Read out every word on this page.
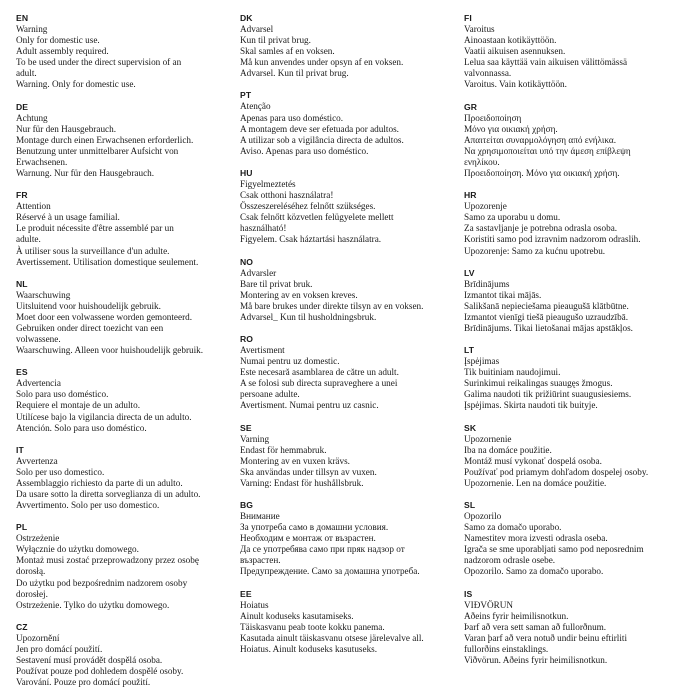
EN
Warning
Only for domestic use.
Adult assembly required.
To be used under the direct supervision of an
adult.
Warning. Only for domestic use.
DE
Achtung
Nur für den Hausgebrauch.
Montage durch einen Erwachsenen erforderlich.
Benutzung unter unmittelbarer Aufsicht von
Erwachsenen.
Warnung. Nur für den Hausgebrauch.
FR
Attention
Réservé à un usage familial.
Le produit nécessite d'être assemblé par un
adulte.
À utiliser sous la surveillance d'un adulte.
Avertissement. Utilisation domestique seulement.
NL
Waarschuwing
Uitsluitend voor huishoudelijk gebruik.
Moet door een volwassene worden gemonteerd.
Gebruiken onder direct toezicht van een
volwassene.
Waarschuwing. Alleen voor huishoudelijk gebruik.
ES
Advertencia
Solo para uso doméstico.
Requiere el montaje de un adulto.
Utilícese bajo la vigilancia directa de un adulto.
Atención. Solo para uso doméstico.
IT
Avvertenza
Solo per uso domestico.
Assemblaggio richiesto da parte di un adulto.
Da usare sotto la diretta sorveglianza di un adulto.
Avvertimento. Solo per uso domestico.
PL
Ostrzeżenie
Wyłącznie do użytku domowego.
Montaż musi zostać przeprowadzony przez osobę
dorosłą.
Do użytku pod bezpośrednim nadzorem osoby
dorosłej.
Ostrzeżenie. Tylko do użytku domowego.
CZ
Upozornění
Jen pro domácí použití.
Sestavení musí provádět dospělá osoba.
Používat pouze pod dohledem dospělé osoby.
Varování. Pouze pro domácí použití.
DK
Advarsel
Kun til privat brug.
Skal samles af en voksen.
Må kun anvendes under opsyn af en voksen.
Advarsel. Kun til privat brug.
PT
Atenção
Apenas para uso doméstico.
A montagem deve ser efetuada por adultos.
A utilizar sob a vigilância directa de adultos.
Aviso. Apenas para uso doméstico.
HU
Figyelmeztetés
Csak otthoni használatra!
Összeszereléséhez felnőtt szükséges.
Csak felnőtt közvetlen felügyelete mellett
használható!
Figyelem. Csak háztartási használatra.
NO
Advarsler
Bare til privat bruk.
Montering av en voksen kreves.
Må bare brukes under direkte tilsyn av en voksen.
Advarsel_ Kun til husholdningsbruk.
RO
Avertisment
Numai pentru uz domestic.
Este necesară asamblarea de către un adult.
A se folosi sub directa supraveghere a unei
persoane adulte.
Avertisment. Numai pentru uz casnic.
SE
Varning
Endast för hemmabruk.
Montering av en vuxen krävs.
Ska användas under tillsyn av vuxen.
Varning: Endast för hushållsbruk.
BG
Внимание
За употреба само в домашни условия.
Необходим е монтаж от възрастен.
Да се употребява само при пряк надзор от
възрастен.
Предупреждение. Само за домашна употреба.
EE
Hoiatus
Ainult koduseks kasutamiseks.
Täiskasvanu peab toote kokku panema.
Kasutada ainult täiskasvanu otsese järelevalve all.
Hoiatus. Ainult koduseks kasutuseks.
FI
Varoitus
Ainoastaan kotikäyttöön.
Vaatii aikuisen asennuksen.
Lelua saa käyttää vain aikuisen välittömässä
valvonnassa.
Varoitus. Vain kotikäyttöön.
GR
Προειδοποίηση
Μόνο για οικιακή χρήση.
Απαιτείται συναρμολόγηση από ενήλικα.
Να χρησιμοποιείται υπό την άμεση επίβλεψη
ενηλίκου.
Προειδοποίηση. Μόνο για οικιακή χρήση.
HR
Upozorenje
Samo za uporabu u domu.
Za sastavljanje je potrebna odrasla osoba.
Koristiti samo pod izravnim nadzorom odraslih.
Upozorenje: Samo za kućnu upotrebu.
LV
Brīdinājums
Izmantot tikai mājās.
Salikšanā nepieciešama pieaugušā klātbūtne.
Izmantot vienīgi tiešā pieaugušo uzraudzībā.
Brīdinājums. Tikai lietošanai mājas apstākļos.
LT
Įspėjimas
Tik buitiniam naudojimui.
Surinkimui reikalingas suaugęs žmogus.
Galima naudoti tik prižiūrint suaugusiesiems.
Įspėjimas. Skirta naudoti tik buityje.
SK
Upozornenie
Iba na domáce použitie.
Montáž musí vykonať dospelá osoba.
Používať pod priamym dohľadom dospelej osoby.
Upozornenie. Len na domáce použitie.
SL
Opozorilo
Samo za domačo uporabo.
Namestitev mora izvesti odrasla oseba.
Igrača se sme uporabljati samo pod neposrednim
nadzorom odrasle osebe.
Opozorilo. Samo za domačo uporabo.
IS
VIÐVÖRUN
Aðeins fyrir heimilisnotkun.
Þarf að vera sett saman að fullorðnum.
Varan þarf að vera notuð undir beinu eftirliti
fullorðins einstaklings.
Viðvörun. Aðeins fyrir heimilisnotkun.
